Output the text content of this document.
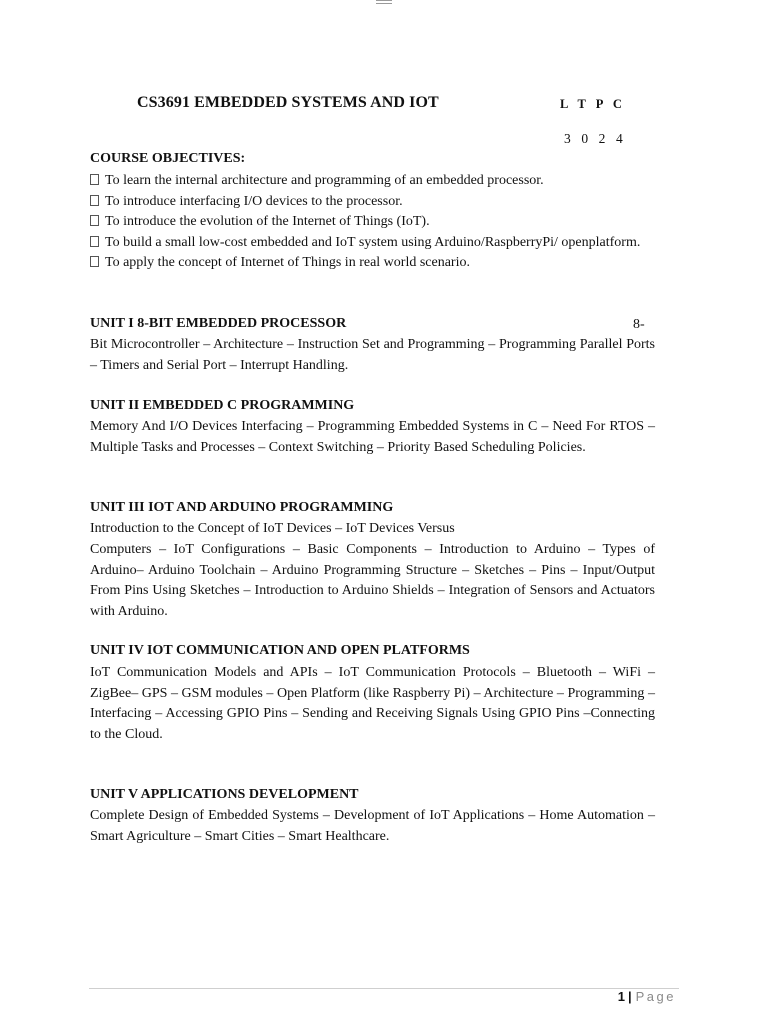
CS3691 EMBEDDED SYSTEMS AND IOT	L T P C
3 0 2 4
COURSE OBJECTIVES:
To learn the internal architecture and programming of an embedded processor.
To introduce interfacing I/O devices to the processor.
To introduce the evolution of the Internet of Things (IoT).
To build a small low-cost embedded and IoT system using Arduino/RaspberryPi/ openplatform.
To apply the concept of Internet of Things in real world scenario.
UNIT I 8-BIT EMBEDDED PROCESSOR	8-

Bit Microcontroller – Architecture – Instruction Set and Programming – Programming Parallel Ports – Timers and Serial Port – Interrupt Handling.

UNIT II EMBEDDED C PROGRAMMING

Memory And I/O Devices Interfacing – Programming Embedded Systems in C – Need For RTOS – Multiple Tasks and Processes – Context Switching – Priority Based Scheduling Policies.

UNIT III IOT AND ARDUINO PROGRAMMING

Introduction to the Concept of IoT Devices – IoT Devices Versus

Computers – IoT Configurations – Basic Components – Introduction to Arduino – Types of Arduino– Arduino Toolchain – Arduino Programming Structure – Sketches – Pins – Input/Output From Pins Using Sketches – Introduction to Arduino Shields – Integration of Sensors and Actuators with Arduino.

UNIT IV IOT COMMUNICATION AND OPEN PLATFORMS

IoT Communication Models and APIs – IoT Communication Protocols – Bluetooth – WiFi – ZigBee– GPS – GSM modules – Open Platform (like Raspberry Pi) – Architecture – Programming –Interfacing – Accessing GPIO Pins – Sending and Receiving Signals Using GPIO Pins –Connecting to the Cloud.

UNIT V APPLICATIONS DEVELOPMENT

Complete Design of Embedded Systems – Development of IoT Applications – Home Automation –Smart Agriculture – Smart Cities – Smart Healthcare.

1 | Page
